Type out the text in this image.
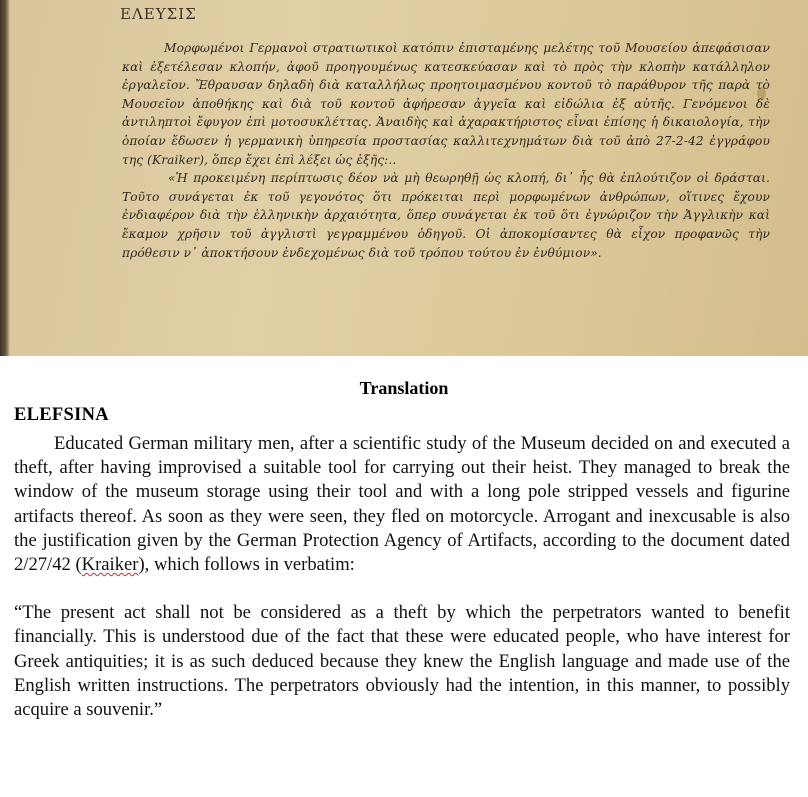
ΕΛΕΥΣΙΣ

Μορφωμένοι Γερμανοὶ στρατιωτικοὶ κατόπιν ἐπισταμένης μελέτης τοῦ Μουσείου ἀπεφάσισαν καὶ ἐξετέλεσαν κλοπήν, ἀφοῦ προηγουμένως κατεσκεύασαν καὶ τὸ πρὸς τὴν κλοπὴν κατάλληλον ἐργαλεῖον. Ἔθραυσαν δηλαδὴ διὰ καταλλήλως προητοιμασμένου κοντοῦ τὸ παράθυρον τῆς παρὰ τὸ Μουσεῖον ἀποθήκης καὶ διὰ τοῦ κοντοῦ ἀφήρεσαν ἀγγεῖα καὶ εἰδώλια ἐξ αὐτῆς. Γενόμενοι δὲ ἀντιληπτοὶ ἔφυγον ἐπὶ μοτοσυκλέττας. Ἀναιδὴς καὶ ἀχαρακτήριστος εἶναι ἐπίσης ἡ δικαιολογία, τὴν ὁποίαν ἔδωσεν ἡ γερμανικὴ ὑπηρεσία προστασίας καλλιτεχνημάτων διὰ τοῦ ἀπὸ 27-2-42 ἐγγράφου της (Kraiker), ὅπερ ἔχει ἐπὶ λέξει ὡς ἑξῆς:..

«Ἡ προκειμένη περίπτωσις δέον νὰ μὴ θεωρηθῇ ὡς κλοπή, δι᾽ ἧς θὰ ἐπλούτιζον οἱ δράσται. Τοῦτο συνάγεται ἐκ τοῦ γεγονότος ὅτι πρόκειται περὶ μορφωμένων ἀνθρώπων, οἵτινες ἔχουν ἐνδιαφέρον διὰ τὴν ἑλληνικὴν ἀρχαιότητα, ὅπερ συνάγεται ἐκ τοῦ ὅτι ἐγνώριζον τὴν Ἀγγλικὴν καὶ ἔκαμον χρῆσιν τοῦ ἀγγλιστὶ γεγραμμένου ὁδηγοῦ. Οἱ ἀποκομίσαντες θὰ εἶχον προφανῶς τὴν πρόθεσιν ν᾽ ἀποκτήσουν ἐνδεχομένως διὰ τοῦ τρόπου τούτου ἐν ἐνθύμιον».

Translation
ELEFSINA

Educated German military men, after a scientific study of the Museum decided on and executed a theft, after having improvised a suitable tool for carrying out their heist. They managed to break the window of the museum storage using their tool and with a long pole stripped vessels and figurine artifacts thereof. As soon as they were seen, they fled on motorcycle. Arrogant and inexcusable is also the justification given by the German Protection Agency of Artifacts, according to the document dated 2/27/42 (Kraiker), which follows in verbatim:

“The present act shall not be considered as a theft by which the perpetrators wanted to benefit financially. This is understood due of the fact that these were educated people, who have interest for Greek antiquities; it is as such deduced because they knew the English language and made use of the English written instructions. The perpetrators obviously had the intention, in this manner, to possibly acquire a souvenir.”
